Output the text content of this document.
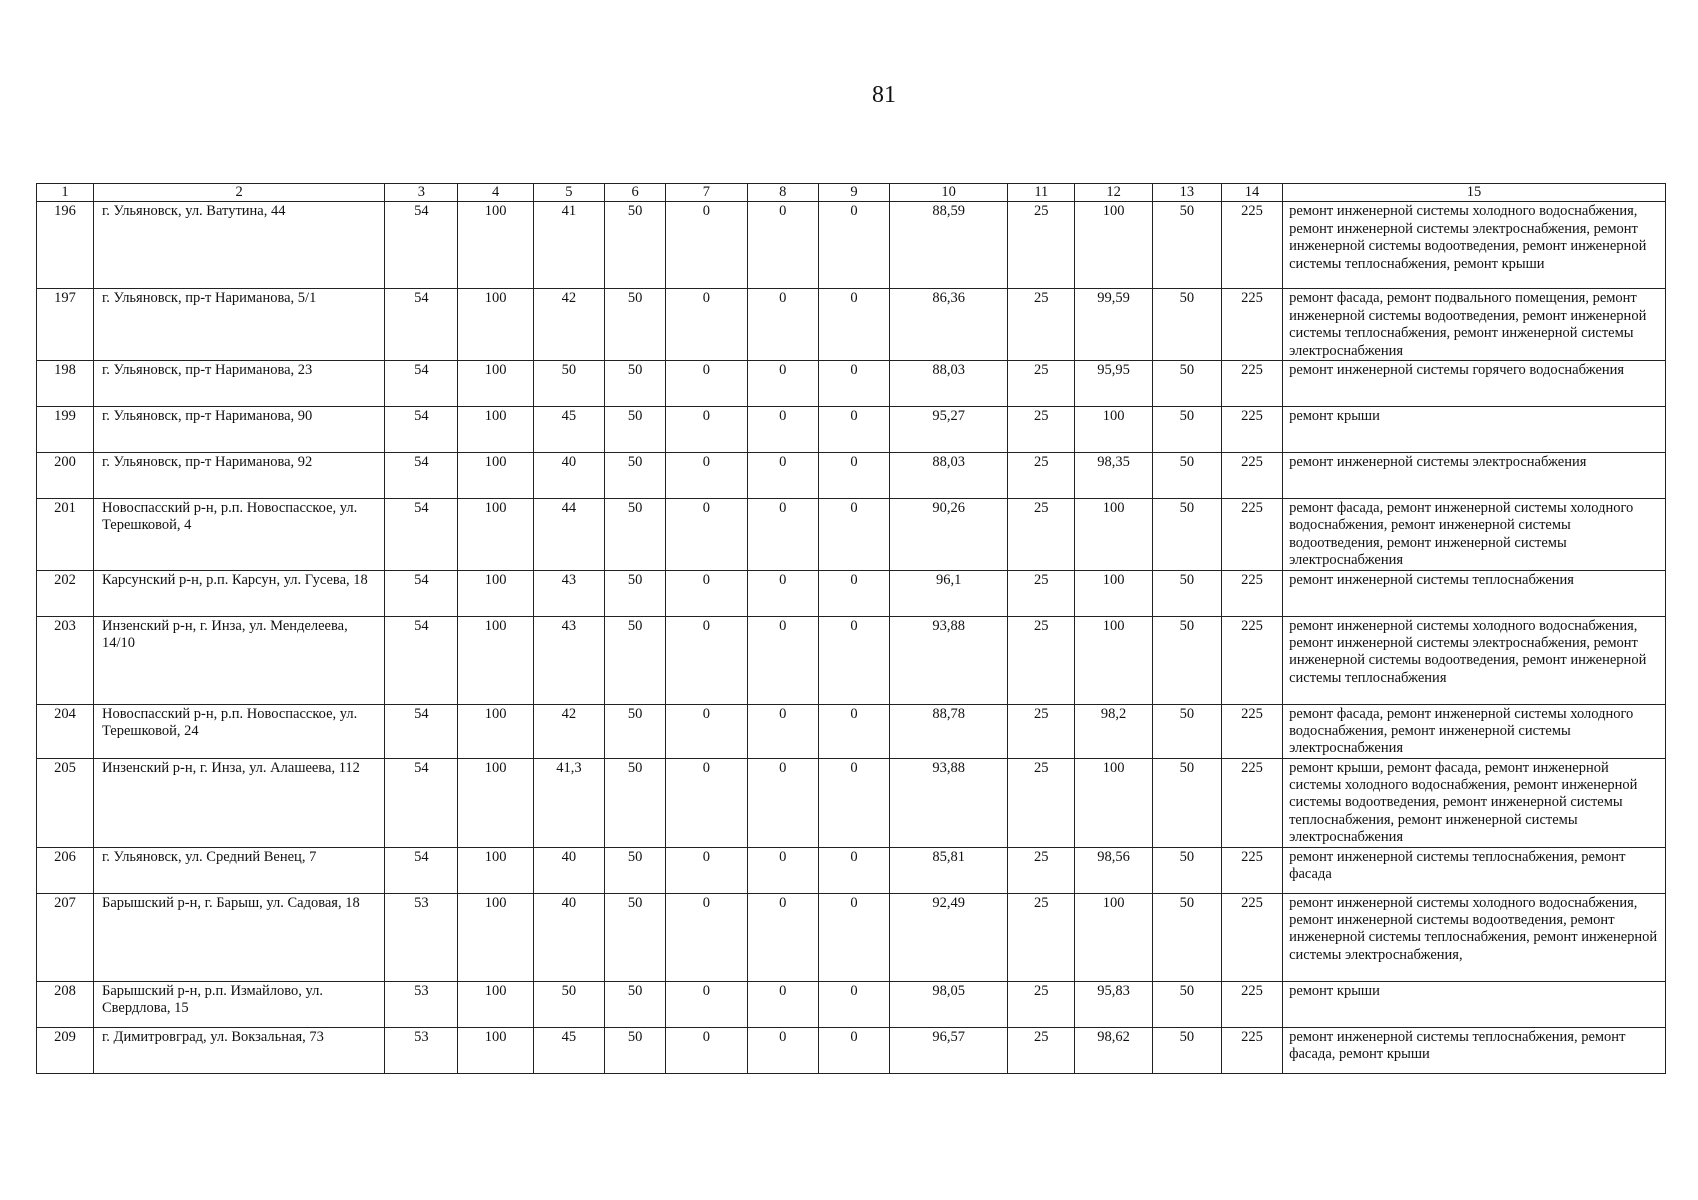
81
1	2	3	4	5	6	7	8	9	10	11	12	13	14	15
196	г. Ульяновск, ул. Ватутина, 44	54	100	41	50	0	0	0	88,59	25	100	50	225	ремонт инженерной системы холодного водоснабжения, ремонт инженерной системы электроснабжения, ремонт инженерной системы водоотведения, ремонт инженерной системы теплоснабжения, ремонт крыши
197	г. Ульяновск, пр-т Нариманова, 5/1	54	100	42	50	0	0	0	86,36	25	99,59	50	225	ремонт фасада, ремонт подвального помещения, ремонт инженерной системы водоотведения, ремонт инженерной системы теплоснабжения, ремонт инженерной системы электроснабжения
198	г. Ульяновск, пр-т Нариманова, 23	54	100	50	50	0	0	0	88,03	25	95,95	50	225	ремонт инженерной системы горячего водоснабжения
199	г. Ульяновск, пр-т Нариманова, 90	54	100	45	50	0	0	0	95,27	25	100	50	225	ремонт крыши
200	г. Ульяновск, пр-т Нариманова, 92	54	100	40	50	0	0	0	88,03	25	98,35	50	225	ремонт инженерной системы электроснабжения
201	Новоспасский р-н, р.п. Новоспасское, ул. Терешковой, 4	54	100	44	50	0	0	0	90,26	25	100	50	225	ремонт фасада, ремонт инженерной системы холодного водоснабжения, ремонт инженерной системы водоотведения, ремонт инженерной системы электроснабжения
202	Карсунский р-н, р.п. Карсун, ул. Гусева, 18	54	100	43	50	0	0	0	96,1	25	100	50	225	ремонт инженерной системы теплоснабжения
203	Инзенский р-н, г. Инза, ул. Менделеева, 14/10	54	100	43	50	0	0	0	93,88	25	100	50	225	ремонт инженерной системы холодного водоснабжения, ремонт инженерной системы электроснабжения, ремонт инженерной системы водоотведения, ремонт инженерной системы теплоснабжения
204	Новоспасский р-н, р.п. Новоспасское, ул. Терешковой, 24	54	100	42	50	0	0	0	88,78	25	98,2	50	225	ремонт фасада, ремонт инженерной системы холодного водоснабжения, ремонт инженерной системы электроснабжения
205	Инзенский р-н, г. Инза, ул. Алашеева, 112	54	100	41,3	50	0	0	0	93,88	25	100	50	225	ремонт крыши, ремонт фасада, ремонт инженерной системы холодного водоснабжения, ремонт инженерной системы водоотведения, ремонт инженерной системы теплоснабжения, ремонт инженерной системы электроснабжения
206	г. Ульяновск, ул. Средний Венец, 7	54	100	40	50	0	0	0	85,81	25	98,56	50	225	ремонт инженерной системы теплоснабжения, ремонт фасада
207	Барышский р-н, г. Барыш, ул. Садовая, 18	53	100	40	50	0	0	0	92,49	25	100	50	225	ремонт инженерной системы холодного водоснабжения, ремонт инженерной системы водоотведения, ремонт инженерной системы теплоснабжения, ремонт инженерной системы электроснабжения,
208	Барышский р-н, р.п. Измайлово, ул. Свердлова, 15	53	100	50	50	0	0	0	98,05	25	95,83	50	225	ремонт крыши
209	г. Димитровград, ул. Вокзальная, 73	53	100	45	50	0	0	0	96,57	25	98,62	50	225	ремонт инженерной системы теплоснабжения, ремонт фасада, ремонт крыши
